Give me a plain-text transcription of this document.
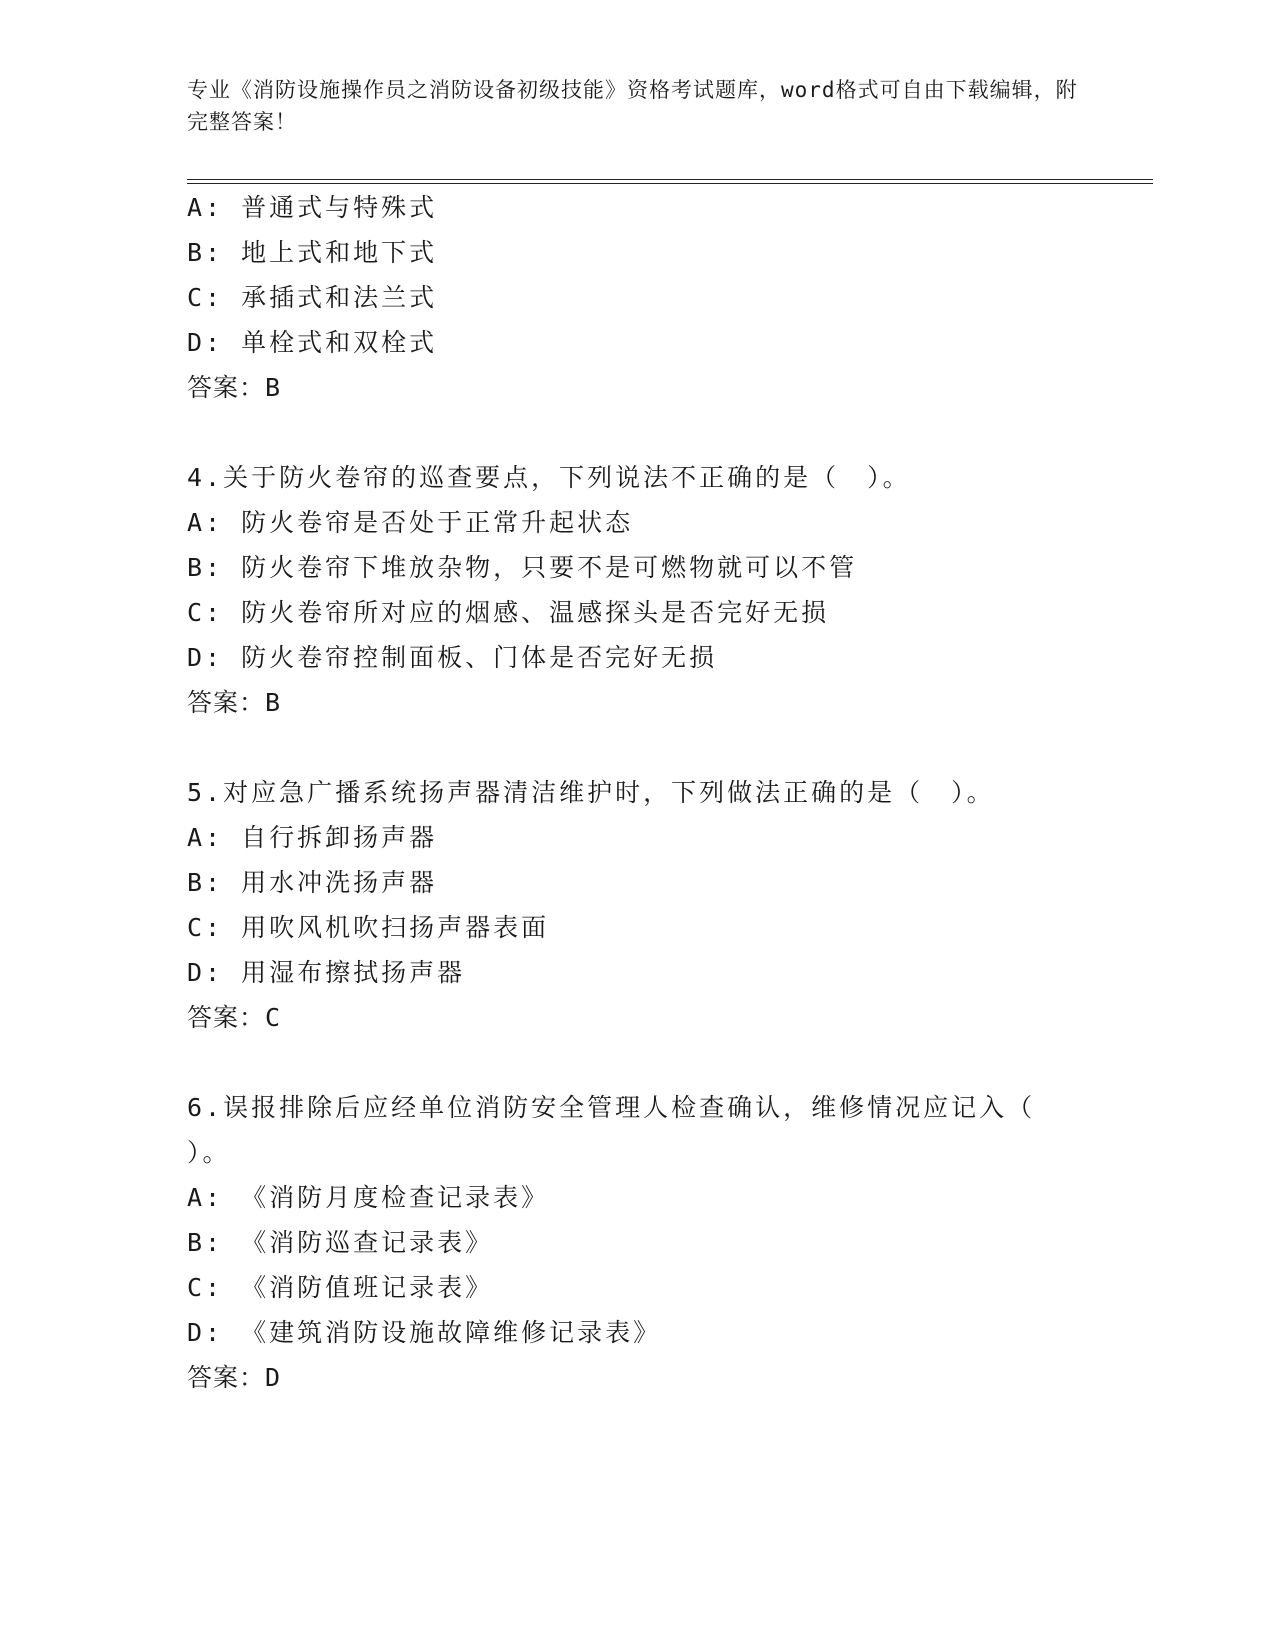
专业《消防设施操作员之消防设备初级技能》资格考试题库，word格式可自由下载编辑，附完整答案！
A: 普通式与特殊式
B: 地上式和地下式
C: 承插式和法兰式
D: 单栓式和双栓式
答案：B
4.关于防火卷帘的巡查要点，下列说法不正确的是（　）。
A: 防火卷帘是否处于正常升起状态
B: 防火卷帘下堆放杂物，只要不是可燃物就可以不管
C: 防火卷帘所对应的烟感、温感探头是否完好无损
D: 防火卷帘控制面板、门体是否完好无损
答案：B
5.对应急广播系统扬声器清洁维护时，下列做法正确的是（　）。
A: 自行拆卸扬声器
B: 用水冲洗扬声器
C: 用吹风机吹扫扬声器表面
D: 用湿布擦拭扬声器
答案：C
6.误报排除后应经单位消防安全管理人检查确认，维修情况应记入（
）。
A: 《消防月度检查记录表》
B: 《消防巡查记录表》
C: 《消防值班记录表》
D: 《建筑消防设施故障维修记录表》
答案：D
